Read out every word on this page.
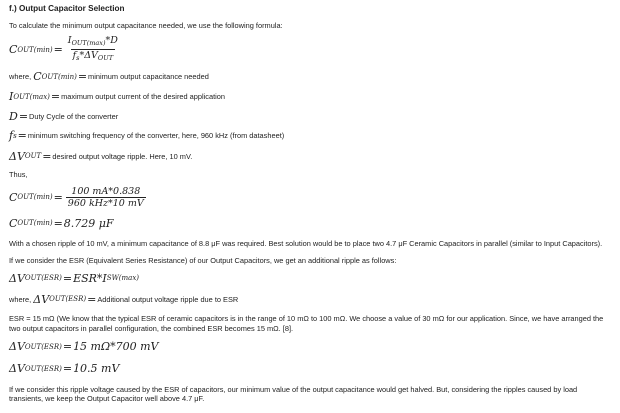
f.) Output Capacitor Selection

To calculate the minimum output capacitance needed, we use the following formula:

C $OUT(\min) = \frac{I_{OUT(max)}*D}{f_s*\Delta V_{OUT}}$
where,
C OUT(min) = minimum output capacitance needed
I OUT(max) = maximum output current of the desired application
D = Duty Cycle of the converter
f s = minimum switching frequency of the converter, here, 960 kHz (from datasheet)
ΔV OUT = desired output voltage ripple. Here, 10 mV.

Thus,

C $OUT(\min) = \frac{100 mA*0.838}{\text{960 kHz*10 mV}}$
C OUT(min) = 8.729 μF

With a chosen ripple of 10 mV, a minimum capacitance of 8.8 μF was required. Best solution would be to place two 4.7 μF Ceramic Capacitors in parallel (similar to Input Capacitors).

If we consider the ESR (Equivalent Series Resistance) of our Output Capacitors, we get an additional ripple as follows:

ΔV OUT(ESR) = ESR * I SW(max)
where,
ΔV OUT(ESR) = Additional output voltage ripple due to ESR

ESR = 15 mΩ (We know that the typical ESR of ceramic capacitors is in the range of 10 mΩ to 100 mΩ. We choose a value of 30 mΩ for our application. Since, we have arranged the two output capacitors in parallel configuration, the combined ESR becomes 15 mΩ. [8].

ΔV OUT(ESR) = 15 mΩ*700 mV
ΔV OUT(ESR) = 10.5 mV

If we consider this ripple voltage caused by the ESR of capacitors, our minimum value of the output capacitance would get halved. But, considering the ripples caused by load transients, we keep the Output Capacitor well above 4.7 μF.
